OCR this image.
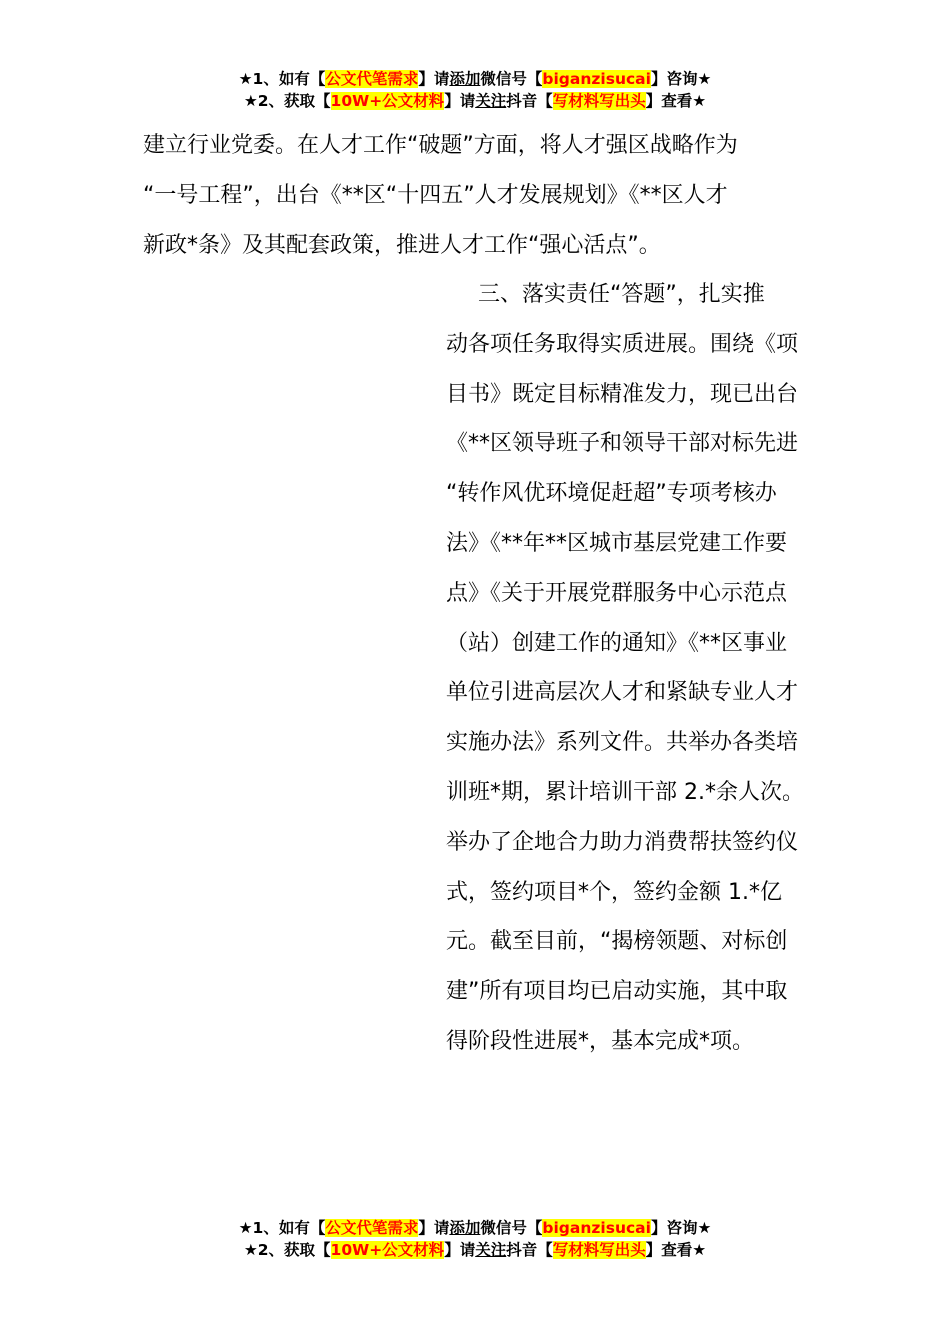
★1、如有【公文代笔需求】请添加微信号【biganzisucai】咨询★
★2、获取【10W+公文材料】请关注抖音【写材料写出头】查看★
建立行业党委。在人才工作“破题”方面，将人才强区战略作为
“一号工程”，出台《**区“十四五”人才发展规划》《**区人才
新政*条》及其配套政策，推进人才工作“强心活点”。
三、落实责任“答题”，扎实推
动各项任务取得实质进展。围绕《项
目书》既定目标精准发力，现已出台
《**区领导班子和领导干部对标先进
“转作风优环境促赶超”专项考核办
法》《**年**区城市基层党建工作要
点》《关于开展党群服务中心示范点
（站）创建工作的通知》《**区事业
单位引进高层次人才和紧缺专业人才
实施办法》系列文件。共举办各类培
训班*期，累计培训干部 2.*余人次。
举办了企地合力助力消费帮扶签约仪
式，签约项目*个，签约金额 1.*亿
元。截至目前，“揭榜领题、对标创
建”所有项目均已启动实施，其中取
得阶段性进展*，基本完成*项。
★1、如有【公文代笔需求】请添加微信号【biganzisucai】咨询★
★2、获取【10W+公文材料】请关注抖音【写材料写出头】查看★
